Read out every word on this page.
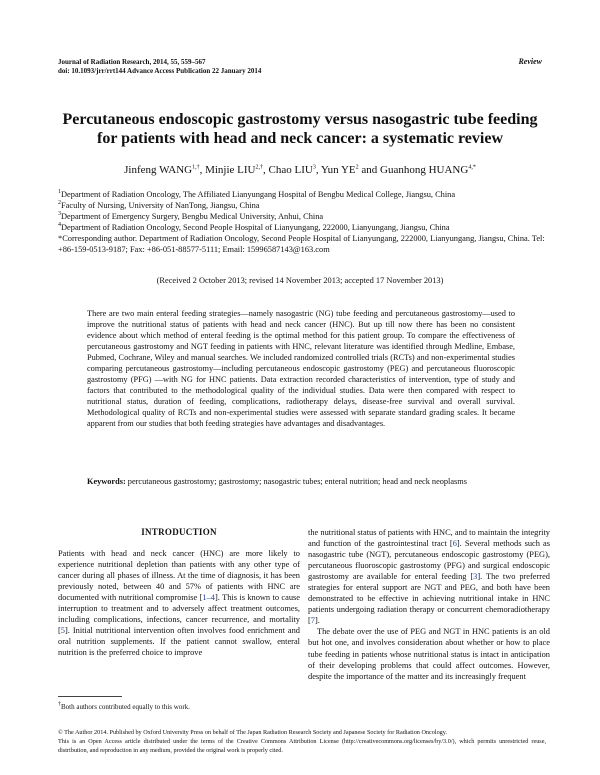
Journal of Radiation Research, 2014, 55, 559–567
doi: 10.1093/jrr/rrt144 Advance Access Publication 22 January 2014
Review
Percutaneous endoscopic gastrostomy versus nasogastric tube feeding
for patients with head and neck cancer: a systematic review
Jinfeng $WANG^{1,\dagger}$, Minjie $LIU^{2,\dagger}$, Chao LIU$^3$, Yun $YE^2$ and Guanhong $HUANG^{4,*}$
$^1$Department of Radiation Oncology, The Affiliated Lianyungang Hospital of Bengbu Medical College, Jiangsu, China
$^2$Faculty of Nursing, University of NanTong, Jiangsu, China
$^3$Department of Emergency Surgery, Bengbu Medical University, Anhui, China
$^4$Department of Radiation Oncology, Second People Hospital of Lianyungang, 222000, Lianyungang, Jiangsu, China
*Corresponding author. Department of Radiation Oncology, Second People Hospital of Lianyungang, 222000, Lianyungang, Jiangsu, China. Tel: +86-159-0513-9187; Fax: +86-051-88577-5111; Email: 15996587143@163.com
(Received 2 October 2013; revised 14 November 2013; accepted 17 November 2013)
There are two main enteral feeding strategies—namely nasogastric (NG) tube feeding and percutaneous gastrostomy—used to improve the nutritional status of patients with head and neck cancer (HNC). But up till now there has been no consistent evidence about which method of enteral feeding is the optimal method for this patient group. To compare the effectiveness of percutaneous gastrostomy and NGT feeding in patients with HNC, relevant literature was identified through Medline, Embase, Pubmed, Cochrane, Wiley and manual searches. We included randomized controlled trials (RCTs) and non-experimental studies comparing percutaneous gastrostomy—including percutaneous endoscopic gastrostomy (PEG) and percutaneous fluoroscopic gastrostomy (PFG) —with NG for HNC patients. Data extraction recorded characteristics of intervention, type of study and factors that contributed to the methodological quality of the individual studies. Data were then compared with respect to nutritional status, duration of feeding, complications, radiotherapy delays, disease-free survival and overall survival. Methodological quality of RCTs and non-experimental studies were assessed with separate standard grading scales. It became apparent from our studies that both feeding strategies have advantages and disadvantages.
Keywords: percutaneous gastrostomy; gastrostomy; nasogastric tubes; enteral nutrition; head and neck neoplasms
INTRODUCTION

Patients with head and neck cancer (HNC) are more likely to experience nutritional depletion than patients with any other type of cancer during all phases of illness. At the time of diagnosis, it has been previously noted, between 40 and 57% of patients with HNC are documented with nutritional compromise [1–4]. This is known to cause interruption to treatment and to adversely affect treatment outcomes, including complications, infections, cancer recurrence, and mortality [5]. Initial nutritional intervention often involves food enrichment and oral nutrition supplements. If the patient cannot swallow, enteral nutrition is the preferred choice to improve

the nutritional status of patients with HNC, and to maintain the integrity and function of the gastrointestinal tract [6]. Several methods such as nasogastric tube (NGT), percutaneous endoscopic gastrostomy (PEG), percutaneous fluoroscopic gastrostomy (PFG) and surgical endoscopic gastrostomy are available for enteral feeding [3]. The two preferred strategies for enteral support are NGT and PEG, and both have been demonstrated to be effective in achieving nutritional intake in HNC patients undergoing radiation therapy or concurrent chemoradiotherapy [7].

The debate over the use of PEG and NGT in HNC patients is an old but hot one, and involves consideration about whether or how to place tube feeding in patients whose nutritional status is intact in anticipation of their developing problems that could affect outcomes. However, despite the importance of the matter and its increasingly frequent

†Both authors contributed equally to this work.
© The Author 2014. Published by Oxford University Press on behalf of The Japan Radiation Research Society and Japanese Society for Radiation Oncology.
This is an Open Access article distributed under the terms of the Creative Commons Attribution License (http://creativecommons.org/licenses/by/3.0/), which permits unrestricted reuse, distribution, and reproduction in any medium, provided the original work is properly cited.
